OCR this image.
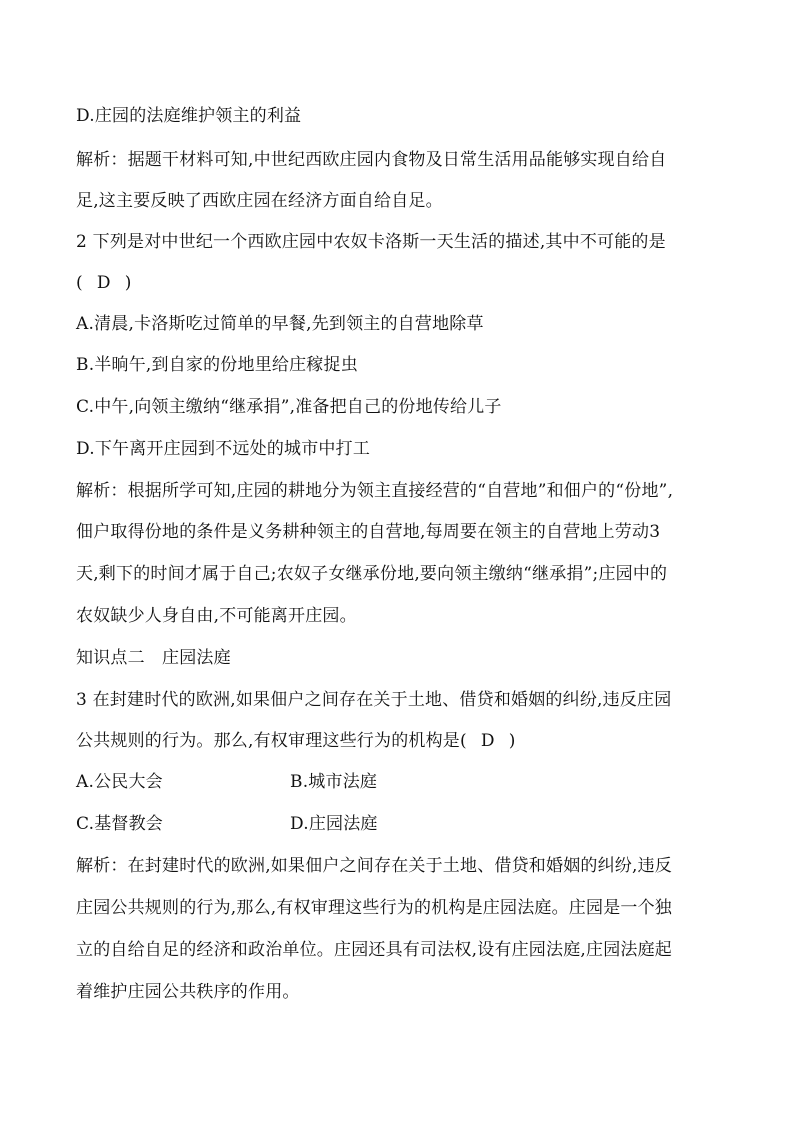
D.庄园的法庭维护领主的利益
解析：据题干材料可知,中世纪西欧庄园内食物及日常生活用品能够实现自给自
足,这主要反映了西欧庄园在经济方面自给自足。
2 下列是对中世纪一个西欧庄园中农奴卡洛斯一天生活的描述,其中不可能的是
( D )
A.清晨,卡洛斯吃过简单的早餐,先到领主的自营地除草
B.半晌午,到自家的份地里给庄稼捉虫
C.中午,向领主缴纳“继承捐”,准备把自己的份地传给儿子
D.下午离开庄园到不远处的城市中打工
解析：根据所学可知,庄园的耕地分为领主直接经营的“自营地”和佃户的“份地”,
佃户取得份地的条件是义务耕种领主的自营地,每周要在领主的自营地上劳动3
天,剩下的时间才属于自己;农奴子女继承份地,要向领主缴纳“继承捐”;庄园中的
农奴缺少人身自由,不可能离开庄园。
知识点二　庄园法庭
3 在封建时代的欧洲,如果佃户之间存在关于土地、借贷和婚姻的纠纷,违反庄园
公共规则的行为。那么,有权审理这些行为的机构是( D )
A.公民大会	B.城市法庭
C.基督教会	D.庄园法庭
解析：在封建时代的欧洲,如果佃户之间存在关于土地、借贷和婚姻的纠纷,违反
庄园公共规则的行为,那么,有权审理这些行为的机构是庄园法庭。庄园是一个独
立的自给自足的经济和政治单位。庄园还具有司法权,设有庄园法庭,庄园法庭起
着维护庄园公共秩序的作用。
